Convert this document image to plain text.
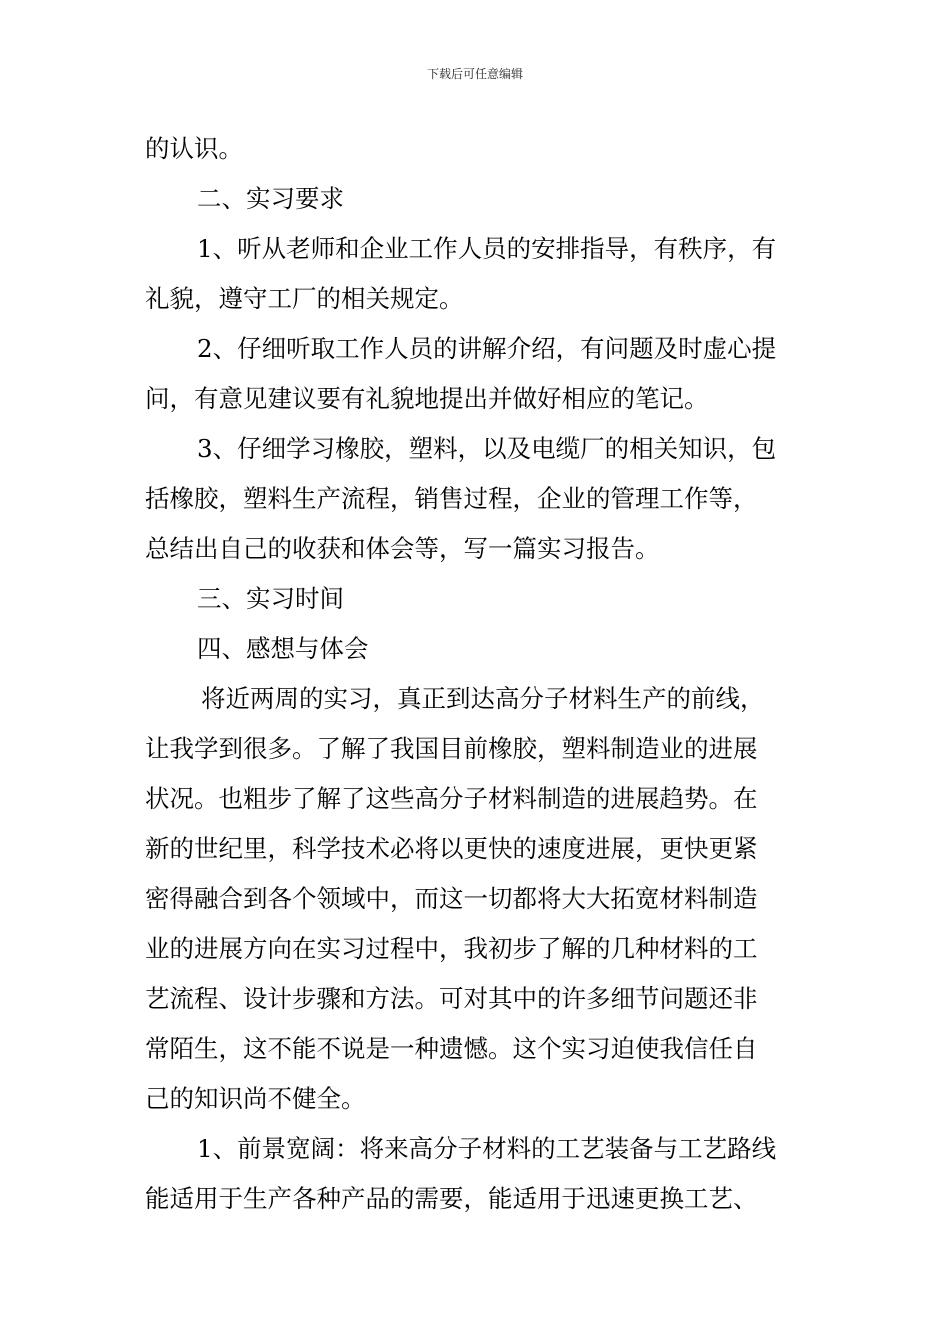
下载后可任意编辑
的认识。
二、实习要求
1、听从老师和企业工作人员的安排指导，有秩序，有
礼貌，遵守工厂的相关规定。
2、仔细听取工作人员的讲解介绍，有问题及时虚心提
问，有意见建议要有礼貌地提出并做好相应的笔记。
3、仔细学习橡胶，塑料，以及电缆厂的相关知识，包
括橡胶，塑料生产流程，销售过程，企业的管理工作等，
总结出自己的收获和体会等，写一篇实习报告。
三、实习时间
四、感想与体会
将近两周的实习，真正到达高分子材料生产的前线，
让我学到很多。了解了我国目前橡胶，塑料制造业的进展
状况。也粗步了解了这些高分子材料制造的进展趋势。在
新的世纪里，科学技术必将以更快的速度进展，更快更紧
密得融合到各个领域中，而这一切都将大大拓宽材料制造
业的进展方向在实习过程中，我初步了解的几种材料的工
艺流程、设计步骤和方法。可对其中的许多细节问题还非
常陌生，这不能不说是一种遗憾。这个实习迫使我信任自
己的知识尚不健全。
1、前景宽阔：将来高分子材料的工艺装备与工艺路线
能适用于生产各种产品的需要，能适用于迅速更换工艺、
